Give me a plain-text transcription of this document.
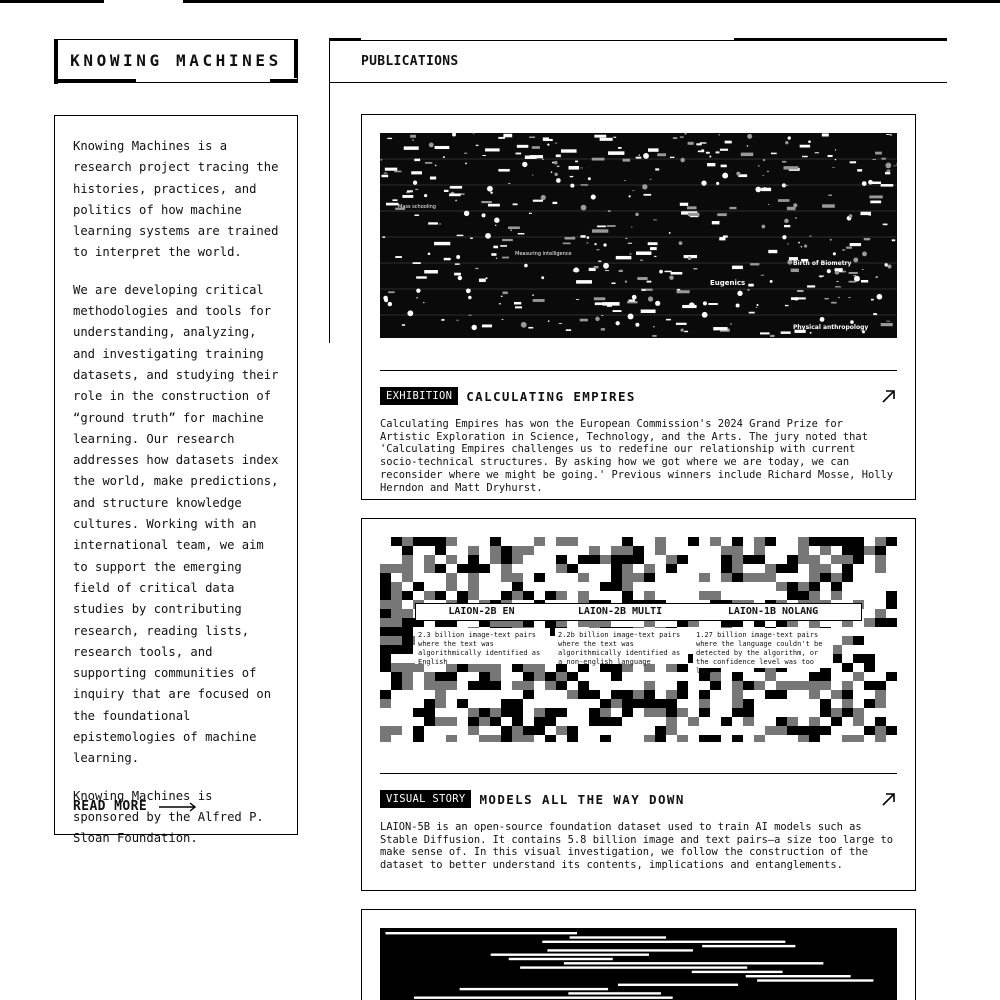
KNOWING MACHINES

Knowing Machines is a research project tracing the histories, practices, and politics of how machine learning systems are trained to interpret the world.

We are developing critical methodologies and tools for understanding, analyzing, and investigating training datasets, and studying their role in the construction of “ground truth” for machine learning. Our research addresses how datasets index the world, make predictions, and structure knowledge cultures. Working with an international team, we aim to support the emerging field of critical data studies by contributing research, reading lists, research tools, and supporting communities of inquiry that are focused on the foundational epistemologies of machine learning.

Knowing Machines is sponsored by the Alfred P. Sloan Foundation.

READ MORE
PUBLICATIONS
Eugenics
Birth of Biometry
Physical anthropology
Mass schooling
Measuring intelligence
EXHIBITION	CALCULATING EMPIRES
Calculating Empires has won the European Commission's 2024 Grand Prize for Artistic Exploration in Science, Technology, and the Arts. The jury noted that 'Calculating Empires challenges us to redefine our relationship with current socio-technical structures. By asking how we got where we are today, we can reconsider where we might be going.' Previous winners include Richard Mosse, Holly Herndon and Matt Dryhurst.
LAION-2B EN	LAION-2B MULTI	LAION-1B NOLANG
2.3 billion image-text pairs where the text was algorithmically identified as English
2.2b billion image-text pairs where the text was algorithmically identified as a non-english language
1.27 billion image-text pairs where the language couldn't be detected by the algorithm, or the confidence level was too low.
VISUAL STORY	MODELS ALL THE WAY DOWN
LAION-5B is an open-source foundation dataset used to train AI models such as Stable Diffusion. It contains 5.8 billion image and text pairs—a size too large to make sense of. In this visual investigation, we follow the construction of the dataset to better understand its contents, implications and entanglements.
